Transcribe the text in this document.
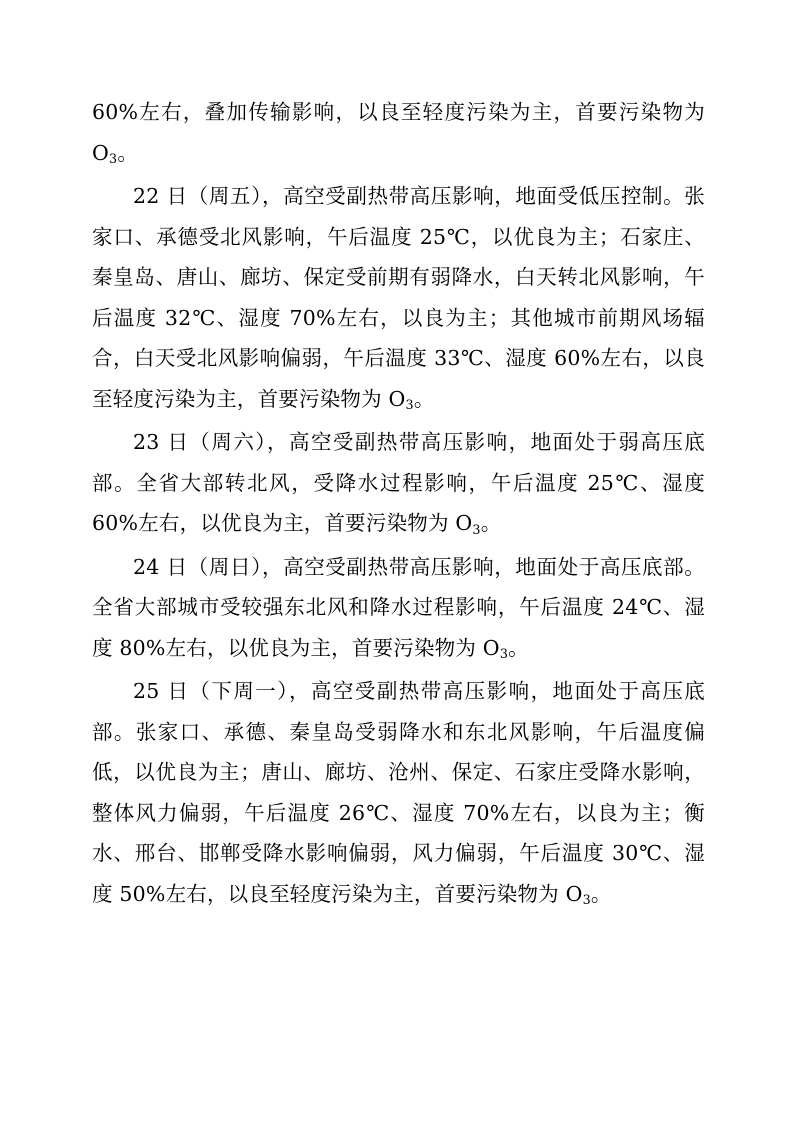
60%左右，叠加传输影响，以良至轻度污染为主，首要污染物为 $O_3$。

22 日（周五），高空受副热带高压影响，地面受低压控制。张家口、承德受北风影响，午后温度 25℃，以优良为主；石家庄、秦皇岛、唐山、廊坊、保定受前期有弱降水，白天转北风影响，午后温度 32℃、湿度 70%左右，以良为主；其他城市前期风场辐合，白天受北风影响偏弱，午后温度 33℃、湿度 60%左右，以良至轻度污染为主，首要污染物为 $O_3$。

23 日（周六），高空受副热带高压影响，地面处于弱高压底部。全省大部转北风，受降水过程影响，午后温度 25℃、湿度 60%左右，以优良为主，首要污染物为 $O_3$。

24 日（周日），高空受副热带高压影响，地面处于高压底部。全省大部城市受较强东北风和降水过程影响，午后温度 24℃、湿度 80%左右，以优良为主，首要污染物为 $O_3$。

25 日（下周一），高空受副热带高压影响，地面处于高压底部。张家口、承德、秦皇岛受弱降水和东北风影响，午后温度偏低，以优良为主；唐山、廊坊、沧州、保定、石家庄受降水影响，整体风力偏弱，午后温度 26℃、湿度 70%左右，以良为主；衡水、邢台、邯郸受降水影响偏弱，风力偏弱，午后温度 30℃、湿度 50%左右，以良至轻度污染为主，首要污染物为 $O_3$。
